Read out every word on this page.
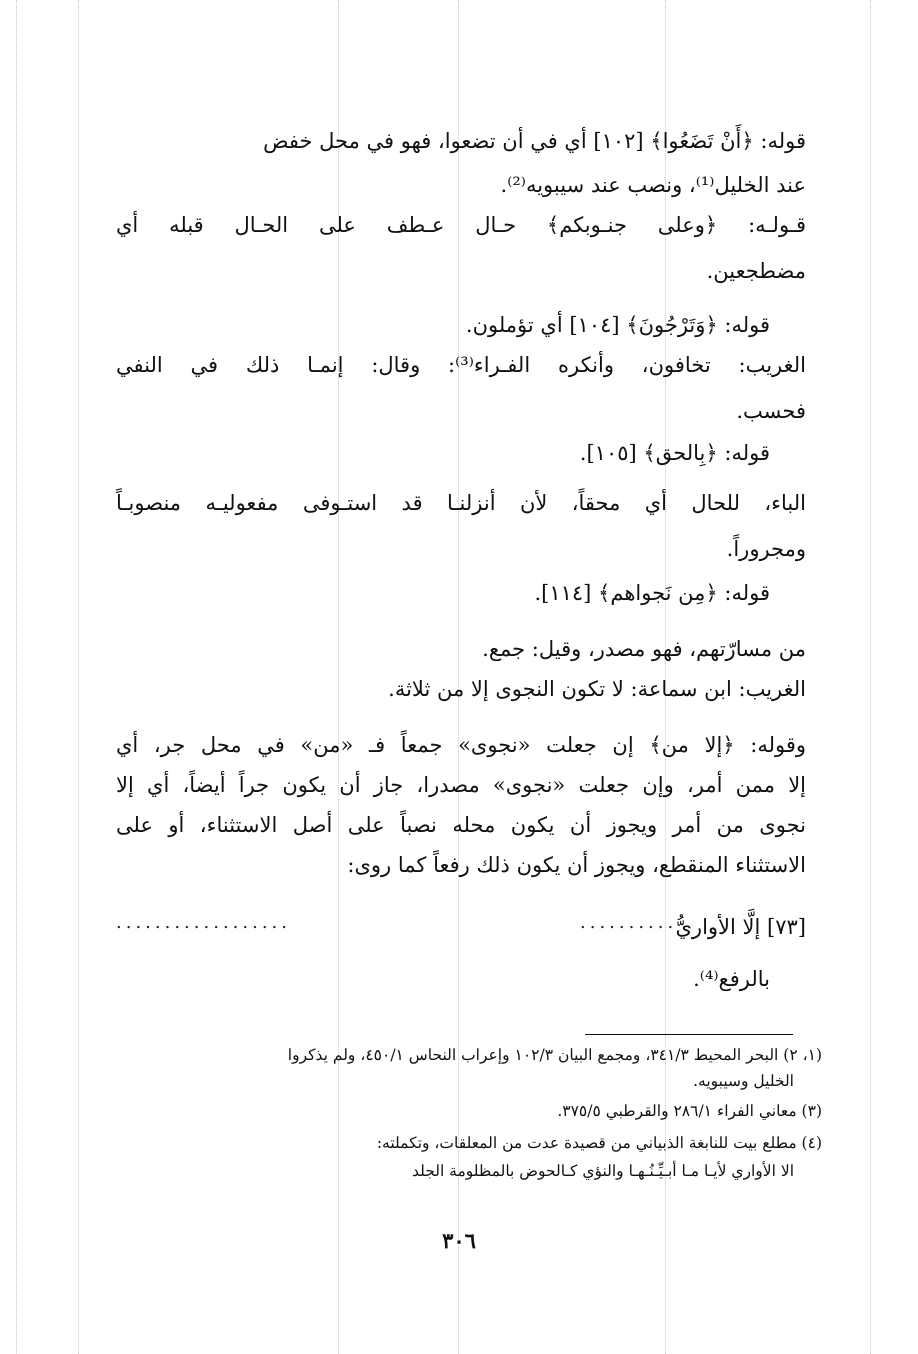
قوله: ﴿أَنْ تَضَعُوا﴾ [١٠٢] أي في أن تضعوا، فهو في محل خفض
عند الخليل⁽¹⁾، ونصب عند سيبويه⁽²⁾.
قـولـه: ﴿وعلى جنـوبكم﴾ حـال عـطف على الحـال قبله أي
مضطجعين.
قوله: ﴿وَتَرْجُونَ﴾ [١٠٤] أي تؤملون.
الغريب: تخافون، وأنكره الفـراء⁽³⁾: وقال: إنمـا ذلك في النفي
فحسب.
قوله: ﴿بِالحق﴾ [١٠٥].
الباء، للحال أي محقاً، لأن أنزلنـا قد استـوفى مفعوليـه منصوبـاً
ومجروراً.
قوله: ﴿مِن نَجواهم﴾ [١١٤].
من مسارّتهم، فهو مصدر، وقيل: جمع.
الغريب: ابن سماعة: لا تكون النجوى إلا من ثلاثة.
وقوله: ﴿إلا من﴾ إن جعلت «نجوى» جمعاً فـ «من» في محل جر، أي
إلا ممن أمر، وإن جعلت «نجوى» مصدرا، جاز أن يكون جراً أيضاً، أي إلا
نجوى من أمر ويجوز أن يكون محله نصباً على أصل الاستثناء، أو على
الاستثناء المنقطع، ويجوز أن يكون ذلك رفعاً كما روى:
[٧٣] إلَّا الأواريُّ
..........
..................
بالرفع⁽⁴⁾.
(١، ٢) البحر المحيط ٣٤١/٣، ومجمع البيان ١٠٢/٣ وإعراب النحاس ٤٥٠/١، ولم يذكروا
الخليل وسيبويه.
(٣) معاني الفراء ٢٨٦/١ والقرطبي ٣٧٥/٥.
(٤) مطلع بيت للنابغة الذبياني من قصيدة عدت من المعلقات، وتكملته:
الا الأواري لأيـا مـا أبـيِّـنُـهـا والنؤي كـالحوض بالمظلومة الجلد
٣٠٦
